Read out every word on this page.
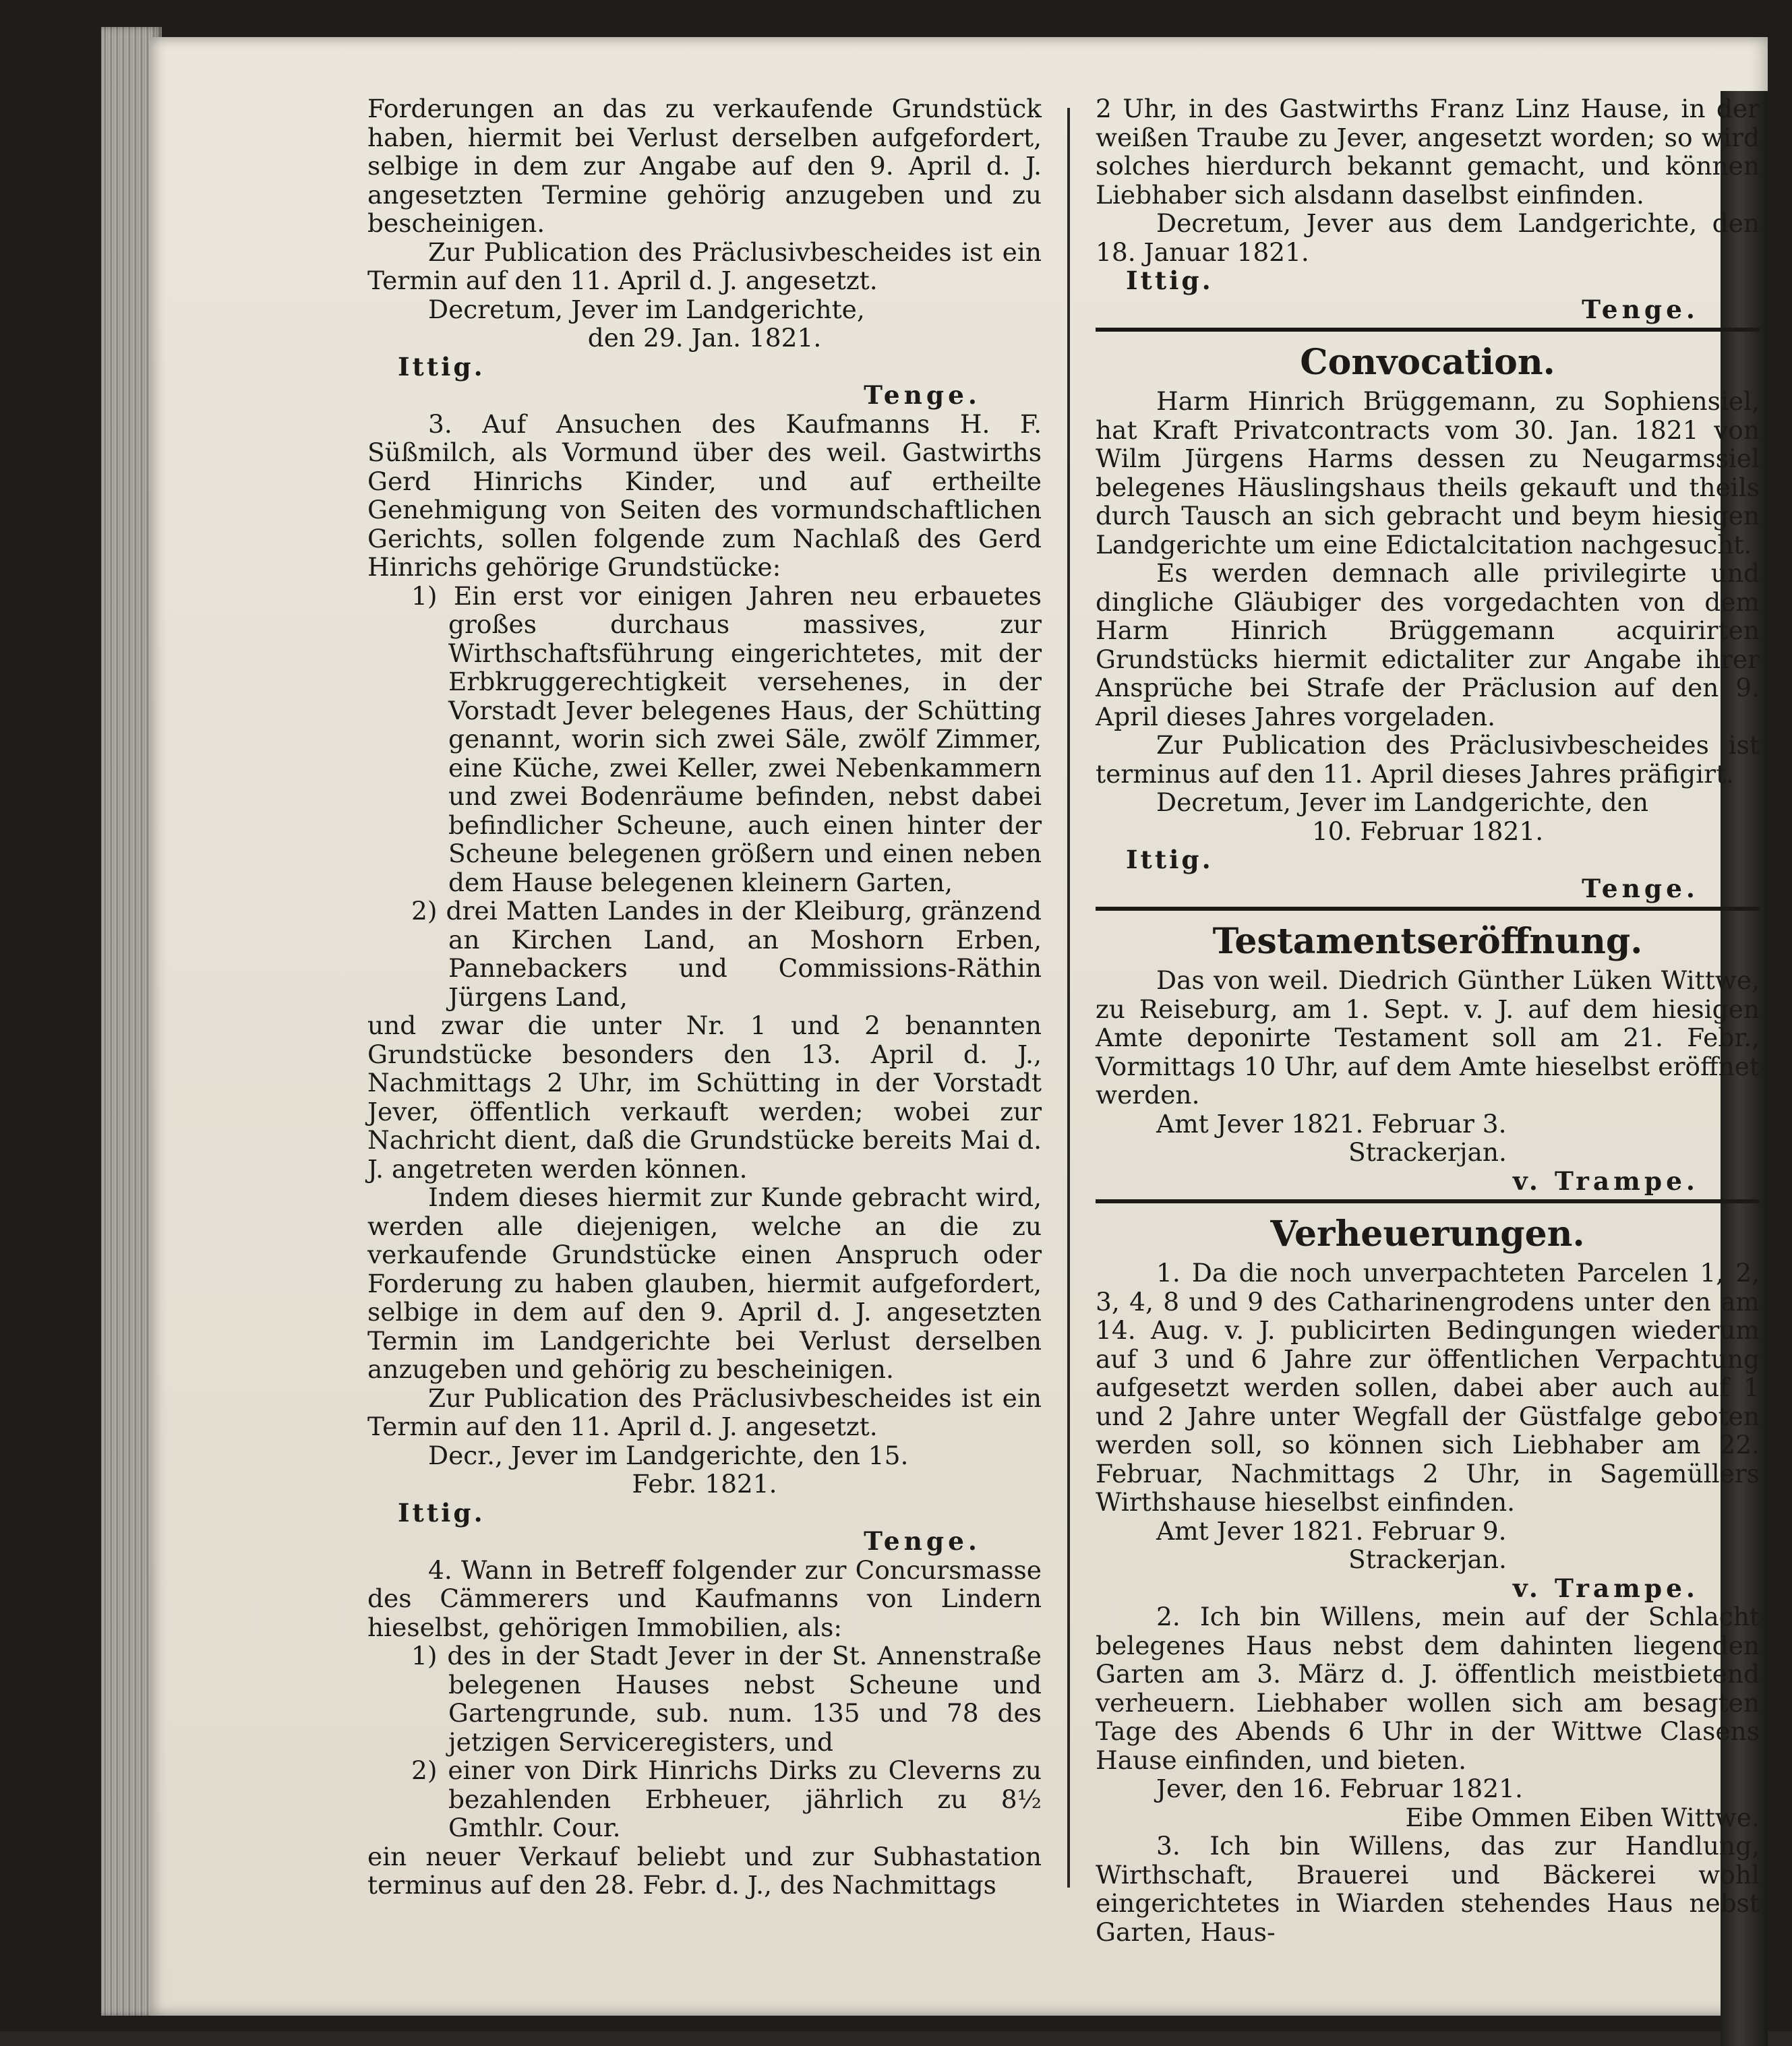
Forderungen an das zu verkaufende Grundstück haben, hiermit bei Verlust derselben aufgefordert, selbige in dem zur Angabe auf den 9. April d. J. angesetzten Termine gehörig anzugeben und zu bescheinigen.

Zur Publication des Präclusivbescheides ist ein Termin auf den 11. April d. J. angesetzt.

Decretum, Jever im Landgerichte,

den 29. Jan. 1821.

Ittig.

Tenge.

3. Auf Ansuchen des Kaufmanns H. F. Süßmilch, als Vormund über des weil. Gastwirths Gerd Hinrichs Kinder, und auf ertheilte Genehmigung von Seiten des vormundschaftlichen Gerichts, sollen folgende zum Nachlaß des Gerd Hinrichs gehörige Grundstücke:

1) Ein erst vor einigen Jahren neu erbauetes großes durchaus massives, zur Wirthschaftsführung eingerichtetes, mit der Erbkruggerechtigkeit versehenes, in der Vorstadt Jever belegenes Haus, der Schütting genannt, worin sich zwei Säle, zwölf Zimmer, eine Küche, zwei Keller, zwei Nebenkammern und zwei Bodenräume befinden, nebst dabei befindlicher Scheune, auch einen hinter der Scheune belegenen größern und einen neben dem Hause belegenen kleinern Garten,

2) drei Matten Landes in der Kleiburg, gränzend an Kirchen Land, an Moshorn Erben, Pannebackers und Commissions-Räthin Jürgens Land,

und zwar die unter Nr. 1 und 2 benannten Grundstücke besonders den 13. April d. J., Nachmittags 2 Uhr, im Schütting in der Vorstadt Jever, öffentlich verkauft werden; wobei zur Nachricht dient, daß die Grundstücke bereits Mai d. J. angetreten werden können.

Indem dieses hiermit zur Kunde gebracht wird, werden alle diejenigen, welche an die zu verkaufende Grundstücke einen Anspruch oder Forderung zu haben glauben, hiermit aufgefordert, selbige in dem auf den 9. April d. J. angesetzten Termin im Landgerichte bei Verlust derselben anzugeben und gehörig zu bescheinigen.

Zur Publication des Präclusivbescheides ist ein Termin auf den 11. April d. J. angesetzt.

Decr., Jever im Landgerichte, den 15.

Febr. 1821.

Ittig.

Tenge.

4. Wann in Betreff folgender zur Concursmasse des Cämmerers und Kaufmanns von Lindern hieselbst, gehörigen Immobilien, als:

1) des in der Stadt Jever in der St. Annenstraße belegenen Hauses nebst Scheune und Gartengrunde, sub. num. 135 und 78 des jetzigen Serviceregisters, und

2) einer von Dirk Hinrichs Dirks zu Cleverns zu bezahlenden Erbheuer, jährlich zu 8½ Gmthlr. Cour.

ein neuer Verkauf beliebt und zur Subhastation terminus auf den 28. Febr. d. J., des Nachmittags

2 Uhr, in des Gastwirths Franz Linz Hause, in der weißen Traube zu Jever, angesetzt worden; so wird solches hierdurch bekannt gemacht, und können Liebhaber sich alsdann daselbst einfinden.

Decretum, Jever aus dem Landgerichte, den 18. Januar 1821.

Ittig.

Tenge.

Convocation.

Harm Hinrich Brüggemann, zu Sophiensiel, hat Kraft Privatcontracts vom 30. Jan. 1821 von Wilm Jürgens Harms dessen zu Neugarmssiel belegenes Häuslingshaus theils gekauft und theils durch Tausch an sich gebracht und beym hiesigen Landgerichte um eine Edictalcitation nachgesucht.

Es werden demnach alle privilegirte und dingliche Gläubiger des vorgedachten von dem Harm Hinrich Brüggemann acquirirten Grundstücks hiermit edictaliter zur Angabe ihrer Ansprüche bei Strafe der Präclusion auf den 9. April dieses Jahres vorgeladen.

Zur Publication des Präclusivbescheides ist terminus auf den 11. April dieses Jahres präfigirt.

Decretum, Jever im Landgerichte, den

10. Februar 1821.

Ittig.

Tenge.

Testamentseröffnung.

Das von weil. Diedrich Günther Lüken Wittwe, zu Reiseburg, am 1. Sept. v. J. auf dem hiesigen Amte deponirte Testament soll am 21. Febr., Vormittags 10 Uhr, auf dem Amte hieselbst eröffnet werden.

Amt Jever 1821. Februar 3.

Strackerjan.

v. Trampe.

Verheuerungen.

1. Da die noch unverpachteten Parcelen 1, 2, 3, 4, 8 und 9 des Catharinengrodens unter den am 14. Aug. v. J. publicirten Bedingungen wiederum auf 3 und 6 Jahre zur öffentlichen Verpachtung aufgesetzt werden sollen, dabei aber auch auf 1 und 2 Jahre unter Wegfall der Güstfalge geboten werden soll, so können sich Liebhaber am 22. Februar, Nachmittags 2 Uhr, in Sagemüllers Wirthshause hieselbst einfinden.

Amt Jever 1821. Februar 9.

Strackerjan.

v. Trampe.

2. Ich bin Willens, mein auf der Schlacht belegenes Haus nebst dem dahinten liegenden Garten am 3. März d. J. öffentlich meistbietend verheuern. Liebhaber wollen sich am besagten Tage des Abends 6 Uhr in der Wittwe Clasens Hause einfinden, und bieten.

Jever, den 16. Februar 1821.

Eibe Ommen Eiben Wittwe.

3. Ich bin Willens, das zur Handlung, Wirthschaft, Brauerei und Bäckerei wohl eingerichtetes in Wiarden stehendes Haus nebst Garten, Haus-
